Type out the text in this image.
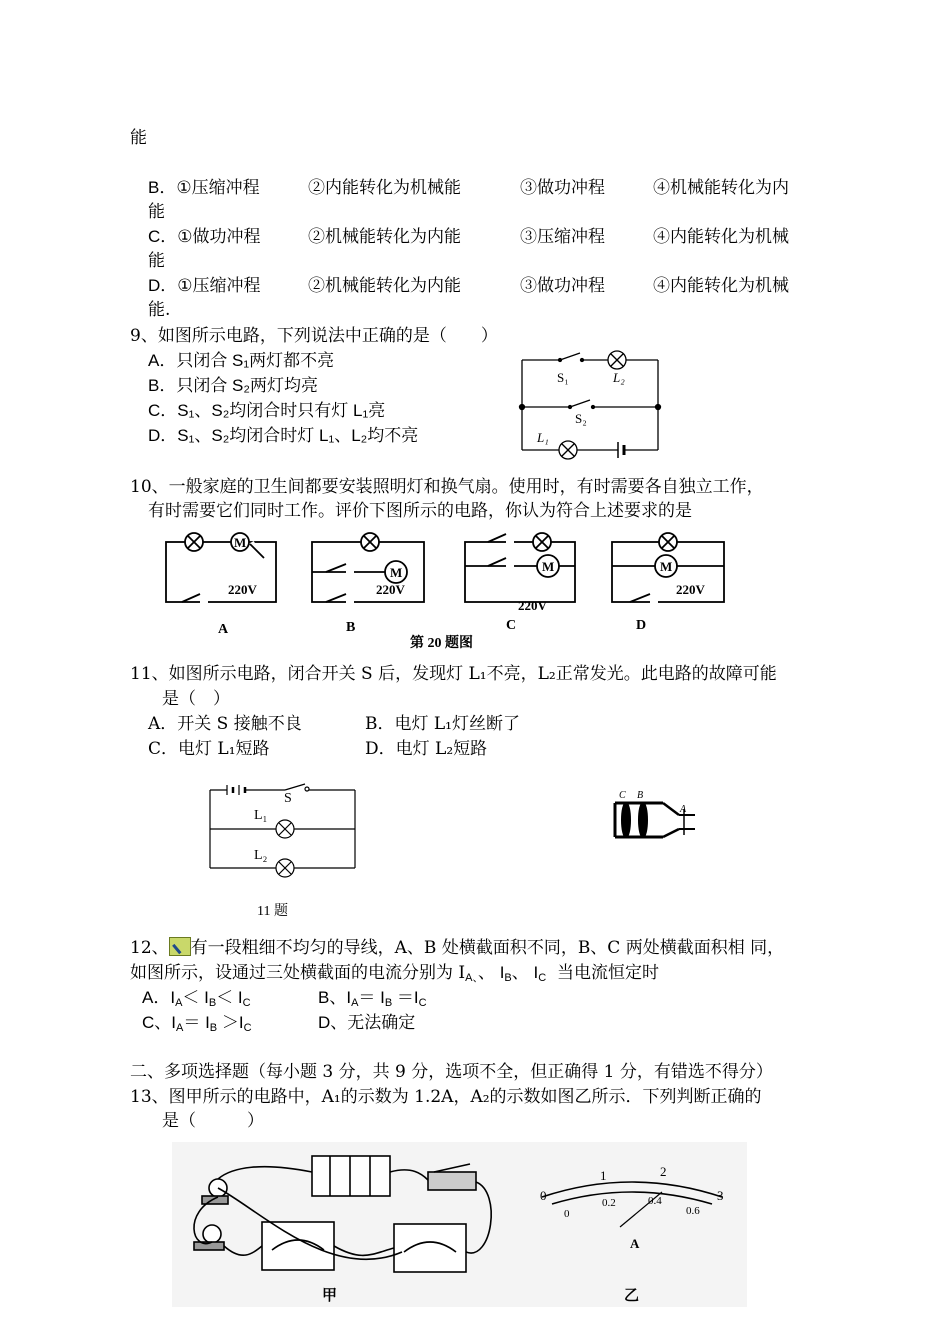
能
B．①压缩冲程	②内能转化为机械能	③做功冲程	④机械能转化为内
能
C．①做功冲程	②机械能转化为内能	③压缩冲程	④内能转化为机械
能
D．①压缩冲程	②机械能转化为内能	③做功冲程	④内能转化为机械
能.
9、如图所示电路，下列说法中正确的是（　　）
A．只闭合 S₁两灯都不亮
B．只闭合 S₂两灯均亮
C．S₁、S₂均闭合时只有灯 L₁亮
D．S₁、S₂均闭合时灯 L₁、L₂均不亮
S₁	L₂
S₂
L₁
10、一般家庭的卫生间都要安装照明灯和换气扇。使用时，有时需要各自独立工作，
有时需要它们同时工作。评价下图所示的电路，你认为符合上述要求的是
M
M	M	M
220V	220V
220V
220V
A	B	C	D
第 20 题图
11、如图所示电路，闭合开关 S 后，发现灯 L₁不亮，L₂正常发光。此电路的故障可能
是（　）
A．开关 S 接触不良	B．电灯 L₁灯丝断了
C．电灯 L₁短路	D．电灯 L₂短路
S
L₁
L₂
11 题
C B
A
12、 有一段粗细不均匀的导线，A、B 处横截面积不同，B、C 两处横截面积相 同，
如图所示，设通过三处横截面的电流分别为 $I_{A、}$、 $I_B$、 $I_C$  当电流恒定时
A．$I_A< I_B< I_C$	B、$I_A= I_B =I_C$
C、$I_A= I_B >I_C$	D、无法确定
二、多项选择题（每小题 3 分，共 9 分，选项不全，但正确得 1 分，有错选不得分）
13、图甲所示的电路中，A₁的示数为 1.2A，A₂的示数如图乙所示．下列判断正确的
是（　　　）
0
1	2
3
0
0.2	0.4
0.6
A
甲	乙
